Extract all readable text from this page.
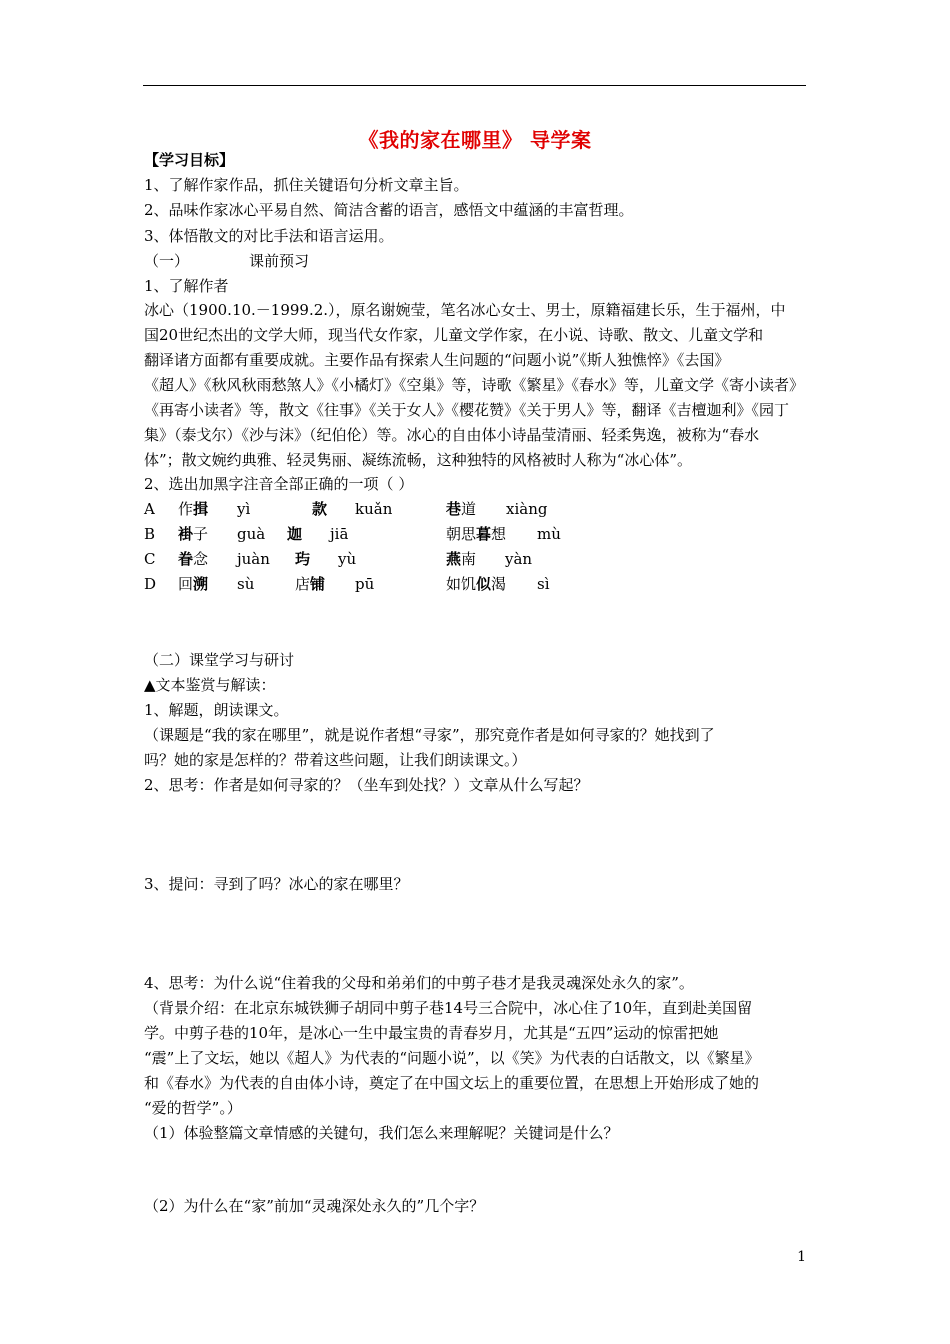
《我的家在哪里》 导学案
【学习目标】
1、了解作家作品，抓住关键语句分析文章主旨。
2、品味作家冰心平易自然、简洁含蓄的语言，感悟文中蕴涵的丰富哲理。
3、体悟散文的对比手法和语言运用。
（一）	课前预习
1、了解作者
冰心（1900.10.－1999.2.），原名谢婉莹，笔名冰心女士、男士，原籍福建长乐，生于福州，中
国20世纪杰出的文学大师，现当代女作家，儿童文学作家，在小说、诗歌、散文、儿童文学和
翻译诸方面都有重要成就。主要作品有探索人生问题的“问题小说”《斯人独憔悴》《去国》
《超人》《秋风秋雨愁煞人》《小橘灯》《空巢》等，诗歌《繁星》《春水》等，儿童文学《寄小读者》
《再寄小读者》等，散文《往事》《关于女人》《樱花赞》《关于男人》等，翻译《吉檀迦利》《园丁
集》（泰戈尔）《沙与沫》（纪伯伦）等。冰心的自由体小诗晶莹清丽、轻柔隽逸，被称为“春水
体”；散文婉约典雅、轻灵隽丽、凝练流畅，这种独特的风格被时人称为“冰心体”。
2、选出加黑字注音全部正确的一项（ ）
A 作揖 yì	款 kuǎn	巷道 xiàng
B 褂子 guà 迦 jiā	朝思暮想 mù
C 眷念 juàn 玙 yù	燕南 yàn
D 回溯 sù	店铺 pū	如饥似渴 sì
（二）课堂学习与研讨
▲文本鉴赏与解读：
1、解题，朗读课文。
（课题是“我的家在哪里”，就是说作者想“寻家”，那究竟作者是如何寻家的？她找到了
吗？她的家是怎样的？带着这些问题，让我们朗读课文。）
2、思考：作者是如何寻家的？（坐车到处找？）文章从什么写起？
3、提问：寻到了吗？冰心的家在哪里？
4、思考：为什么说“住着我的父母和弟弟们的中剪子巷才是我灵魂深处永久的家”。
（背景介绍：在北京东城铁狮子胡同中剪子巷14号三合院中，冰心住了10年，直到赴美国留
学。中剪子巷的10年，是冰心一生中最宝贵的青春岁月，尤其是“五四”运动的惊雷把她
“震”上了文坛，她以《超人》为代表的“问题小说”，以《笑》为代表的白话散文，以《繁星》
和《春水》为代表的自由体小诗，奠定了在中国文坛上的重要位置，在思想上开始形成了她的
“爱的哲学”。）
（1）体验整篇文章情感的关键句，我们怎么来理解呢？关键词是什么？
（2）为什么在“家”前加“灵魂深处永久的”几个字？
1
